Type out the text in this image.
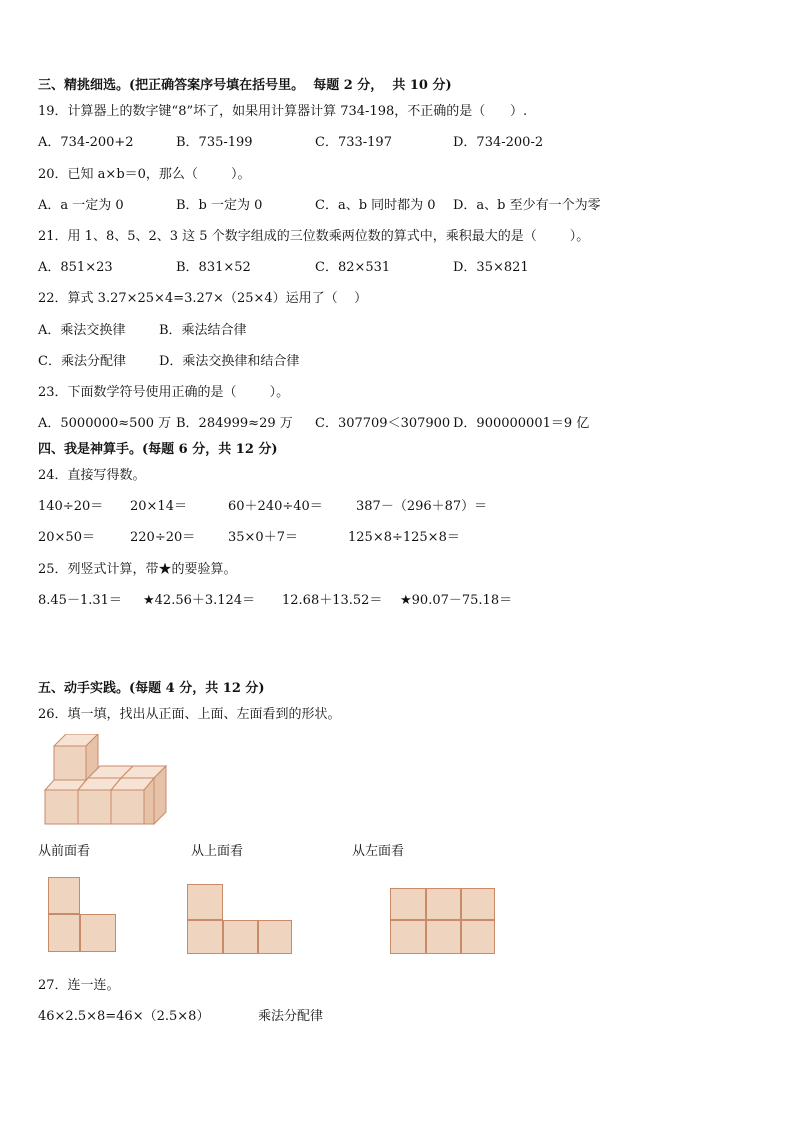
三、精挑细选。(把正确答案序号填在括号里。  每题 2 分，  共 10 分)
19．计算器上的数字键“8”坏了，如果用计算器计算 734-198，不正确的是（      ）.
A．734-200+2	B．735-199	C．733-197	D．734-200-2
20．已知 a×b＝0，那么（        ）。
A．a 一定为 0	B．b 一定为 0	C．a、b 同时都为 0 D．a、b 至少有一个为零
21．用 1、8、5、2、3 这 5 个数字组成的三位数乘两位数的算式中，乘积最大的是（        ）。
A．851×23	B．831×52	C．82×531	D．35×821
22．算式 3.27×25×4=3.27×（25×4）运用了（    ）
A．乘法交换律	B．乘法结合律
C．乘法分配律	D．乘法交换律和结合律
23．下面数学符号使用正确的是（        ）。
A．5000000≈500 万 B．284999≈29 万 C．307709＜307900 D．900000001＝9 亿
四、我是神算手。(每题 6 分，共 12 分)
24．直接写得数。
140÷20＝ 20×14＝	60＋240÷40＝	387－（296＋87）＝
20×50＝	220÷20＝	35×0＋7＝	125×8÷125×8＝
25．列竖式计算，带★的要验算。
8.45－1.31＝ ★42.56＋3.124＝ 12.68＋13.52＝ ★90.07－75.18＝
五、动手实践。(每题 4 分，共 12 分)
26．填一填，找出从正面、上面、左面看到的形状。
从前面看	从上面看	从左面看
27．连一连。
46×2.5×8=46×（2.5×8）	乘法分配律
